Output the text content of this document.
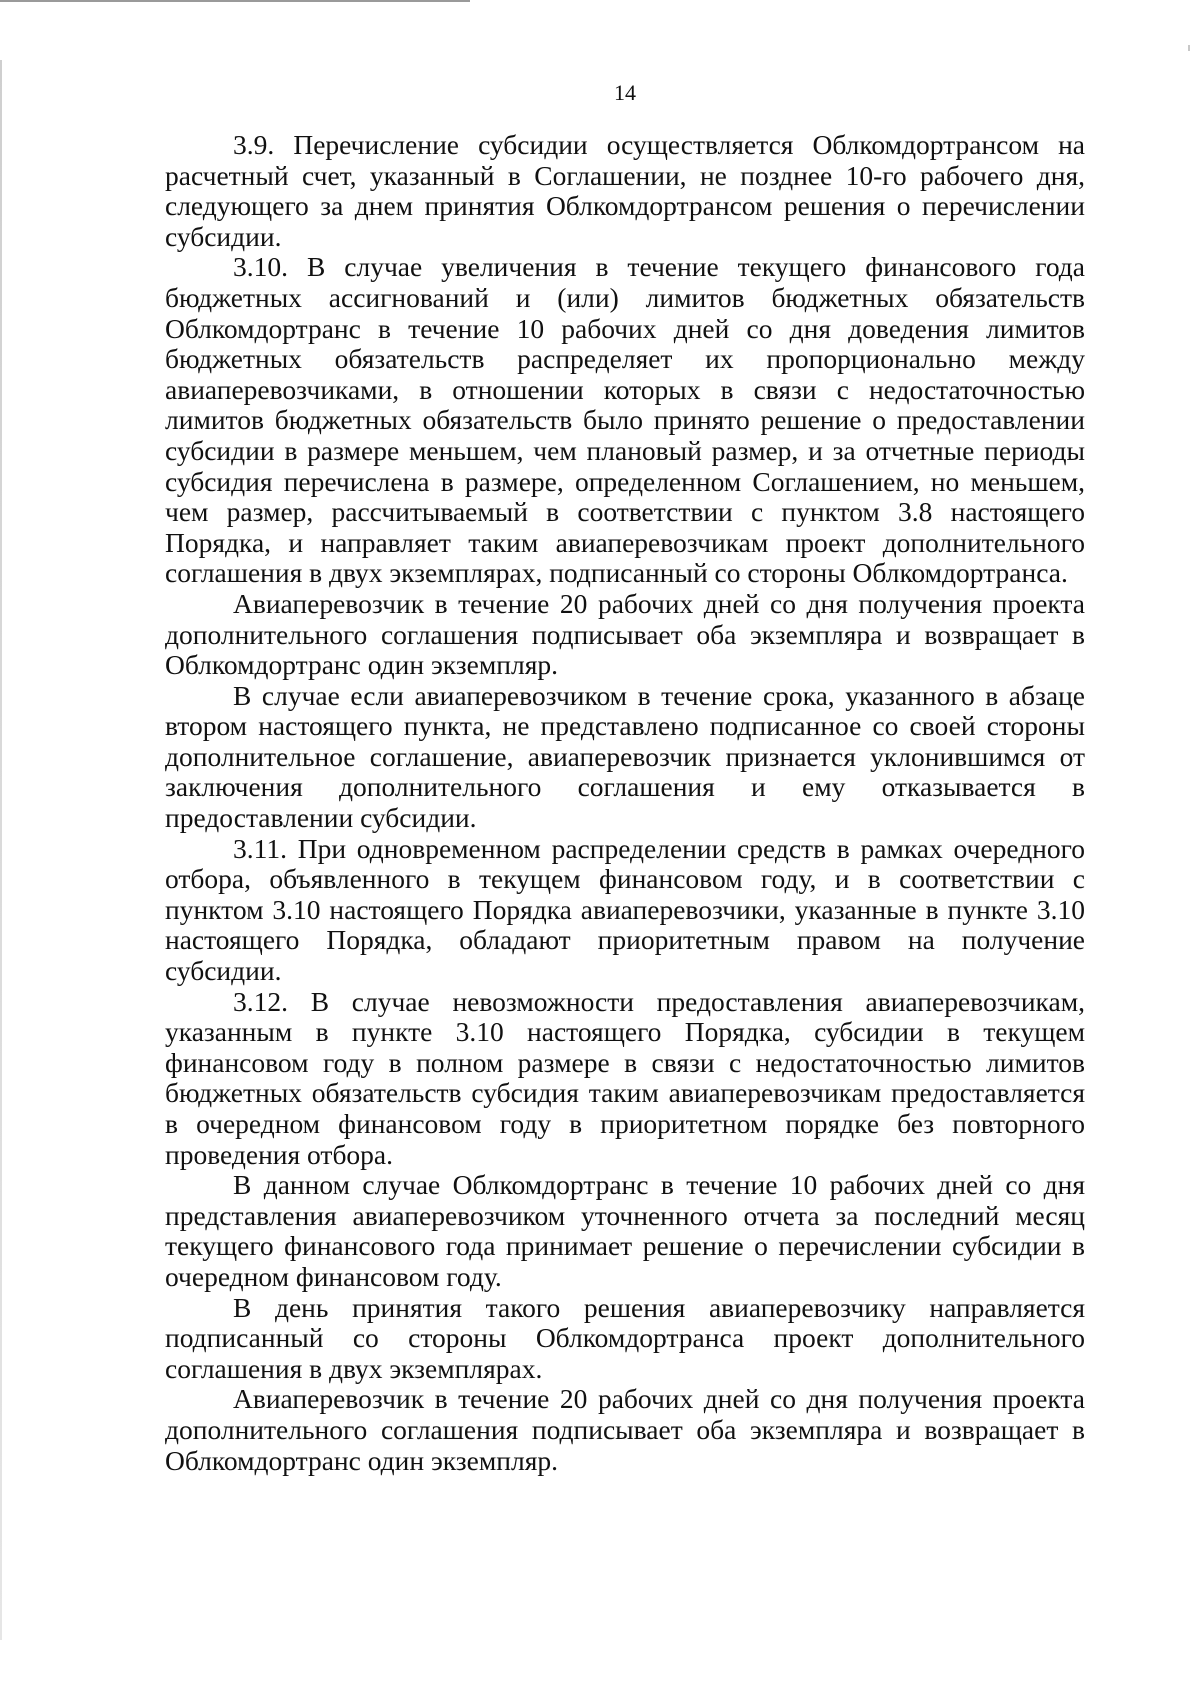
14

3.9. Перечисление субсидии осуществляется Облкомдортрансом на расчетный счет, указанный в Соглашении, не позднее 10-го рабочего дня, следующего за днем принятия Облкомдортрансом решения о перечислении субсидии.

3.10. В случае увеличения в течение текущего финансового года бюджетных ассигнований и (или) лимитов бюджетных обязательств Облкомдортранс в течение 10 рабочих дней со дня доведения лимитов бюджетных обязательств распределяет их пропорционально между авиаперевозчиками, в отношении которых в связи с недостаточностью лимитов бюджетных обязательств было принято решение о предоставлении субсидии в размере меньшем, чем плановый размер, и за отчетные периоды субсидия перечислена в размере, определенном Соглашением, но меньшем, чем размер, рассчитываемый в соответствии с пунктом 3.8 настоящего Порядка, и направляет таким авиаперевозчикам проект дополнительного соглашения в двух экземплярах, подписанный со стороны Облкомдортранса.

Авиаперевозчик в течение 20 рабочих дней со дня получения проекта дополнительного соглашения подписывает оба экземпляра и возвращает в Облкомдортранс один экземпляр.

В случае если авиаперевозчиком в течение срока, указанного в абзаце втором настоящего пункта, не представлено подписанное со своей стороны дополнительное соглашение, авиаперевозчик признается уклонившимся от заключения дополнительного соглашения и ему отказывается в предоставлении субсидии.

3.11. При одновременном распределении средств в рамках очередного отбора, объявленного в текущем финансовом году, и в соответствии с пунктом 3.10 настоящего Порядка авиаперевозчики, указанные в пункте 3.10 настоящего Порядка, обладают приоритетным правом на получение субсидии.

3.12. В случае невозможности предоставления авиаперевозчикам, указанным в пункте 3.10 настоящего Порядка, субсидии в текущем финансовом году в полном размере в связи с недостаточностью лимитов бюджетных обязательств субсидия таким авиаперевозчикам предоставляется в очередном финансовом году в приоритетном порядке без повторного проведения отбора.

В данном случае Облкомдортранс в течение 10 рабочих дней со дня представления авиаперевозчиком уточненного отчета за последний месяц текущего финансового года принимает решение о перечислении субсидии в очередном финансовом году.

В день принятия такого решения авиаперевозчику направляется подписанный со стороны Облкомдортранса проект дополнительного соглашения в двух экземплярах.

Авиаперевозчик в течение 20 рабочих дней со дня получения проекта дополнительного соглашения подписывает оба экземпляра и возвращает в Облкомдортранс один экземпляр.
